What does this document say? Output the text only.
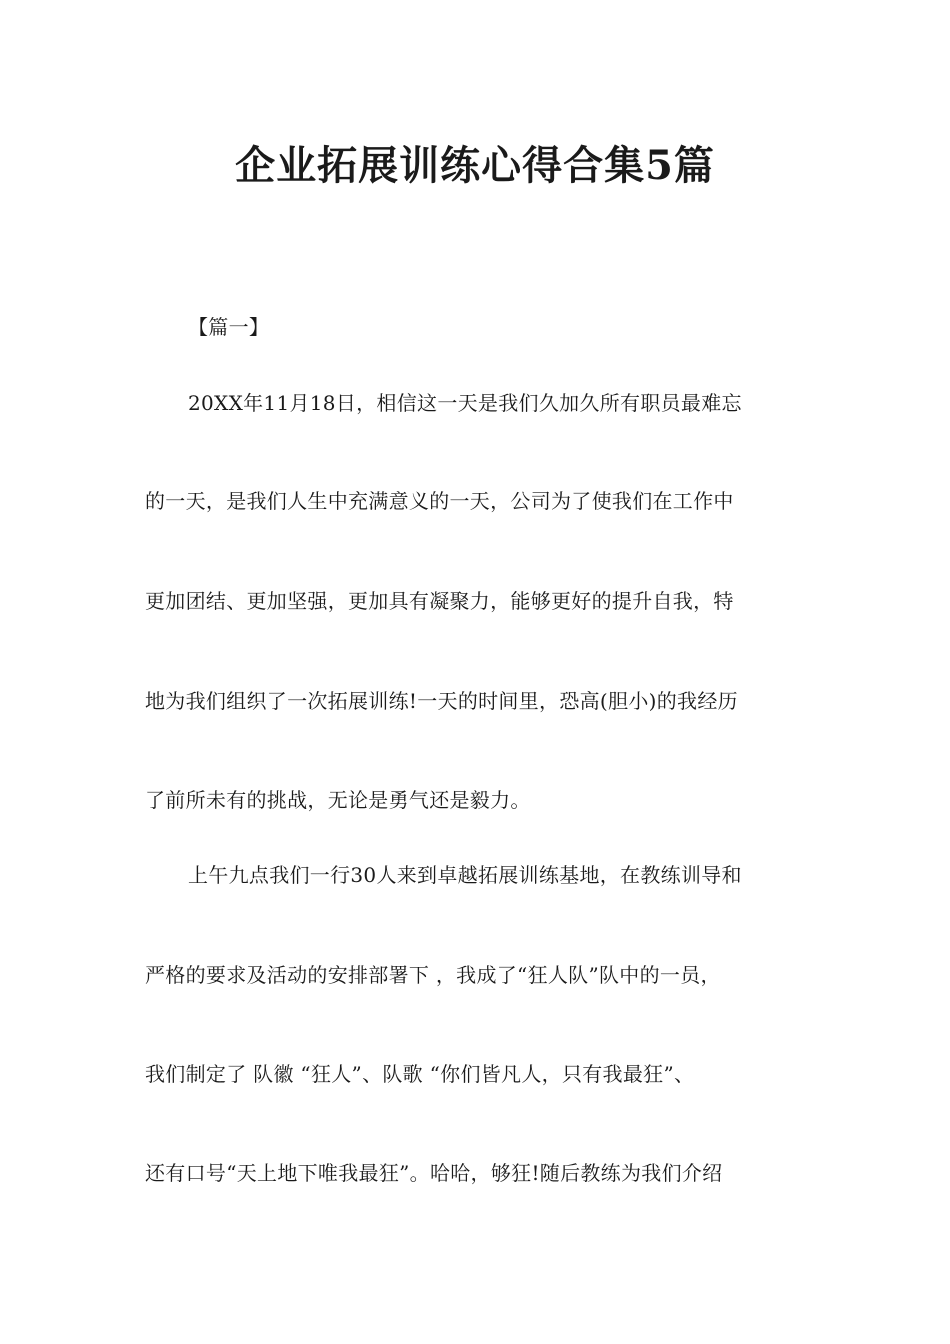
企业拓展训练心得合集5篇
【篇一】
20XX年11月18日，相信这一天是我们久加久所有职员最难忘
的一天，是我们人生中充满意义的一天，公司为了使我们在工作中
更加团结、更加坚强，更加具有凝聚力，能够更好的提升自我，特
地为我们组织了一次拓展训练!一天的时间里，恐高(胆小)的我经历
了前所未有的挑战，无论是勇气还是毅力。
上午九点我们一行30人来到卓越拓展训练基地，在教练训导和
严格的要求及活动的安排部署下 ，我成了“狂人队”队中的一员，
我们制定了 队徽 “狂人”、队歌 “你们皆凡人，只有我最狂”、
还有口号“天上地下唯我最狂”。哈哈，够狂!随后教练为我们介绍
